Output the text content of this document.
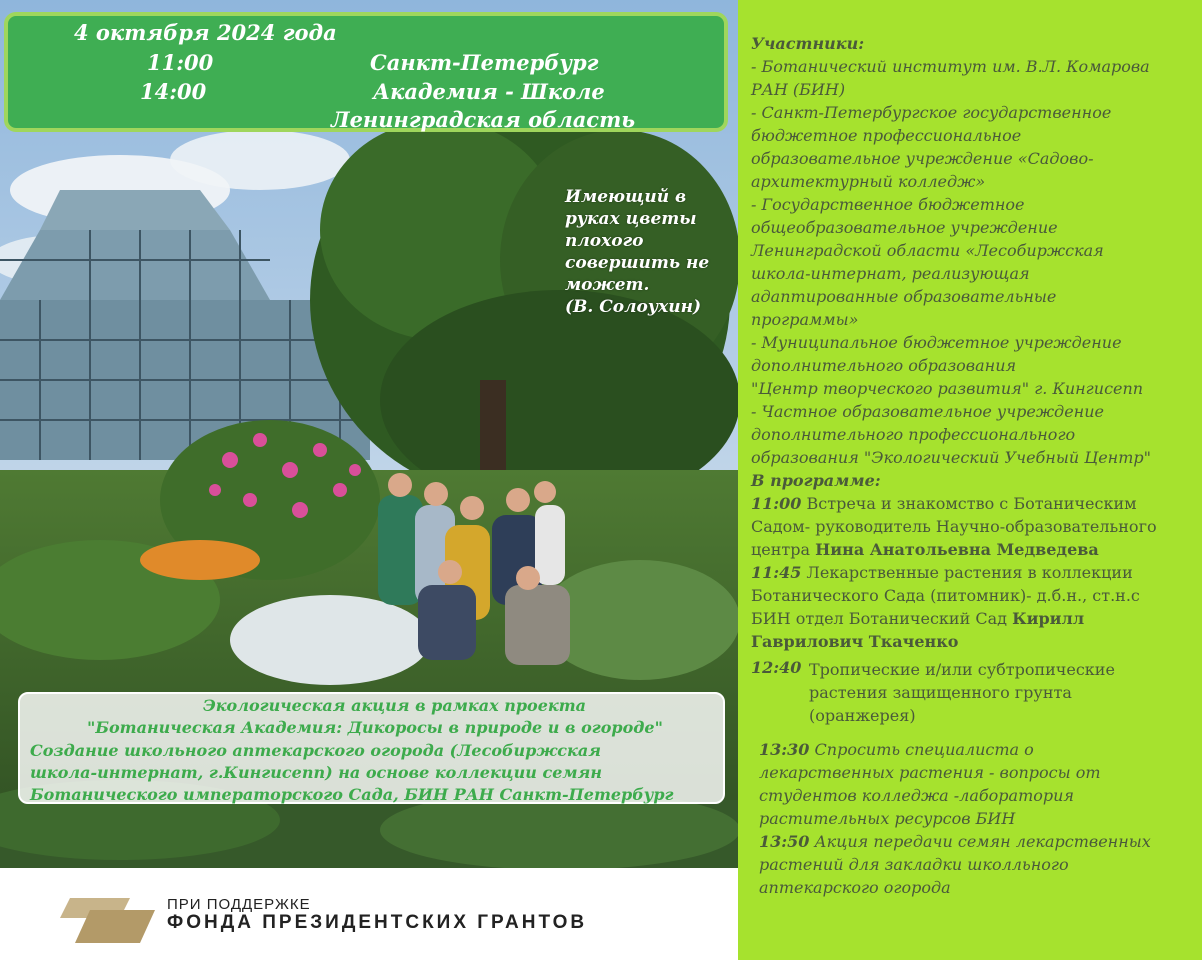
4 октября 2024 года
11:00
14:00
Санкт-Петербург
Академия - Школе
Ленинградская область
Имеющий в
руках цветы
плохого
совершить не
может.
(В. Солоухин)
Экологическая акция в рамках проекта
"Ботаническая Академия: Дикоросы в природе и в огороде"
Создание школьного аптекарского огорода (Лесобиржская
школа-интернат, г.Кингисепп) на основе коллекции семян
Ботанического императорского Сада, БИН РАН Санкт-Петербург
ПРИ ПОДДЕРЖКЕ
ФОНДА ПРЕЗИДЕНТСКИХ ГРАНТОВ
Участники:
- Ботанический институт им. В.Л. Комарова
РАН (БИН)
- Санкт-Петербургское государственное
бюджетное профессиональное
образовательное учреждение «Садово-
архитектурный колледж»
- Государственное бюджетное
общеобразовательное учреждение
Ленинградской области «Лесобиржская
школа-интернат, реализующая
адаптированные образовательные
программы»
- Муниципальное бюджетное учреждение
дополнительного образования
"Центр творческого развития" г. Кингисепп
- Частное образовательное учреждение
дополнительного профессионального
образования "Экологический Учебный Центр"
В программе:
11:00 Встреча и знакомство с Ботаническим
Садом- руководитель Научно-образовательного
центра Нина Анатольевна Медведева
11:45 Лекарственные растения в коллекции
Ботанического Сада (питомник)- д.б.н., ст.н.с
БИН отдел Ботанический Сад Кирилл
Гаврилович Ткаченко
12:40 Тропические и/или субтропические
растения защищенного грунта
(оранжерея)
13:30 Спросить специалиста о
лекарственных растения - вопросы от
студентов колледжа -лаборатория
растительных ресурсов БИН
13:50 Акция передачи семян лекарственных
растений для закладки школльного
аптекарского огорода
